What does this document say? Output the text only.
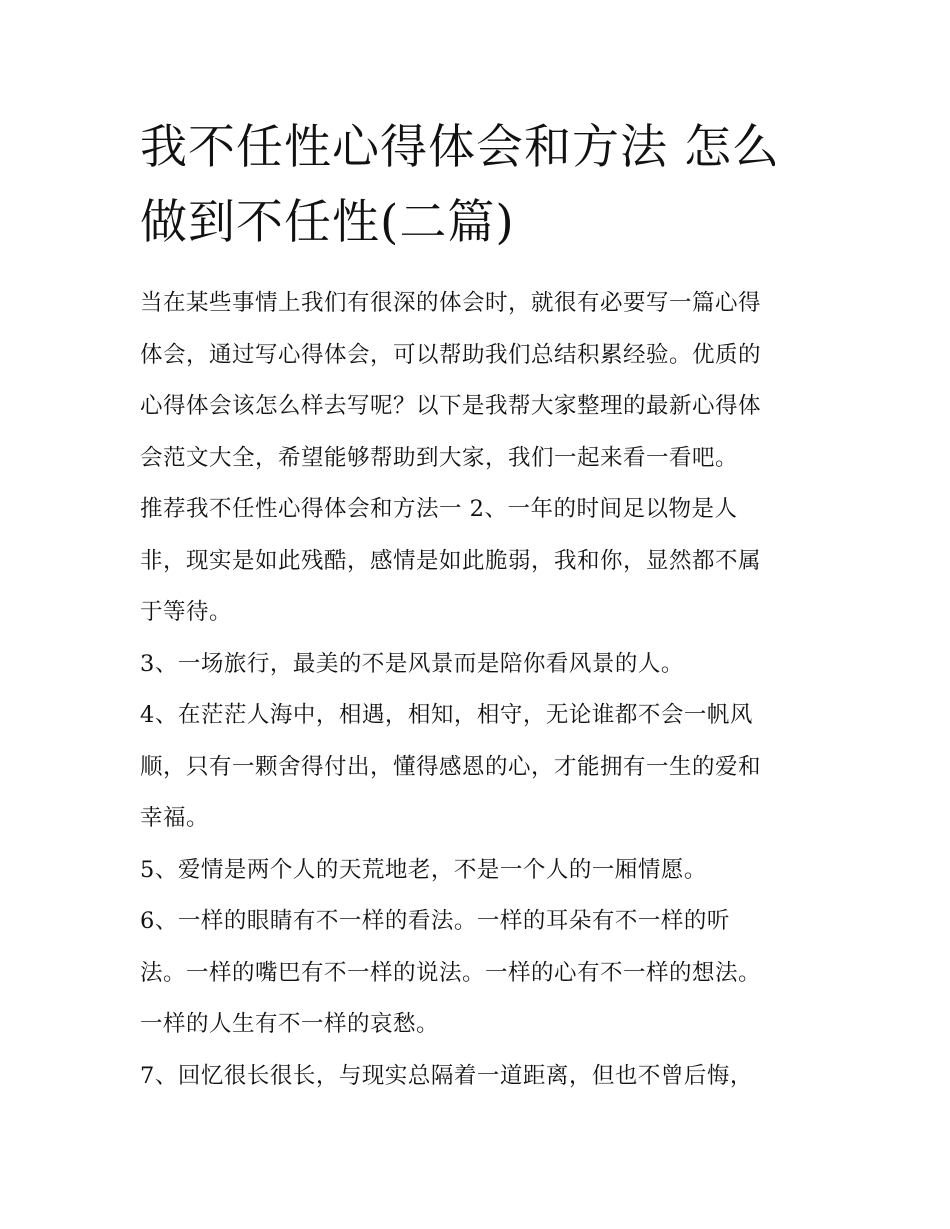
我不任性心得体会和方法 怎么
做到不任性(二篇)
当在某些事情上我们有很深的体会时，就很有必要写一篇心得
体会，通过写心得体会，可以帮助我们总结积累经验。优质的
心得体会该怎么样去写呢？以下是我帮大家整理的最新心得体
会范文大全，希望能够帮助到大家，我们一起来看一看吧。
推荐我不任性心得体会和方法一 2、一年的时间足以物是人
非，现实是如此残酷，感情是如此脆弱，我和你，显然都不属
于等待。
3、一场旅行，最美的不是风景而是陪你看风景的人。
4、在茫茫人海中，相遇，相知，相守，无论谁都不会一帆风
顺，只有一颗舍得付出，懂得感恩的心，才能拥有一生的爱和
幸福。
5、爱情是两个人的天荒地老，不是一个人的一厢情愿。
6、一样的眼睛有不一样的看法。一样的耳朵有不一样的听
法。一样的嘴巴有不一样的说法。一样的心有不一样的想法。
一样的人生有不一样的哀愁。
7、回忆很长很长，与现实总隔着一道距离，但也不曾后悔，
